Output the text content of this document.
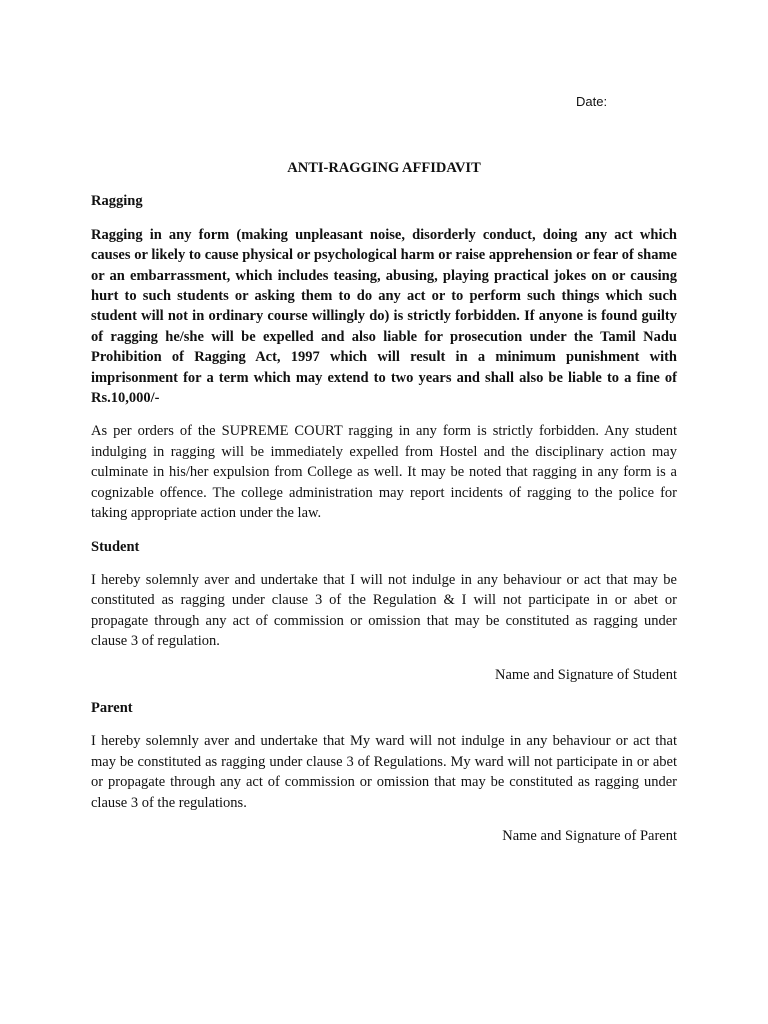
Date:

ANTI-RAGGING AFFIDAVIT

Ragging

Ragging in any form (making unpleasant noise, disorderly conduct, doing any act which causes or likely to cause physical or psychological harm or raise apprehension or fear of shame or an embarrassment, which includes teasing, abusing, playing practical jokes on or causing hurt to such students or asking them to do any act or to perform such things which such student will not in ordinary course willingly do) is strictly forbidden. If anyone is found guilty of ragging he/she will be expelled and also liable for prosecution under the Tamil Nadu Prohibition of Ragging Act, 1997 which will result in a minimum punishment with imprisonment for a term which may extend to two years and shall also be liable to a fine of Rs.10,000/-

As per orders of the SUPREME COURT ragging in any form is strictly forbidden. Any student indulging in ragging will be immediately expelled from Hostel and the disciplinary action may culminate in his/her expulsion from College as well. It may be noted that ragging in any form is a cognizable offence. The college administration may report incidents of ragging to the police for taking appropriate action under the law.

Student

I hereby solemnly aver and undertake that I will not indulge in any behaviour or act that may be constituted as ragging under clause 3 of the Regulation & I will not participate in or abet or propagate through any act of commission or omission that may be constituted as ragging under clause 3 of regulation.

Name and Signature of Student

Parent

I hereby solemnly aver and undertake that My ward will not indulge in any behaviour or act that may be constituted as ragging under clause 3 of Regulations. My ward will not participate in or abet or propagate through any act of commission or omission that may be constituted as ragging under clause 3 of the regulations.

Name and Signature of Parent
